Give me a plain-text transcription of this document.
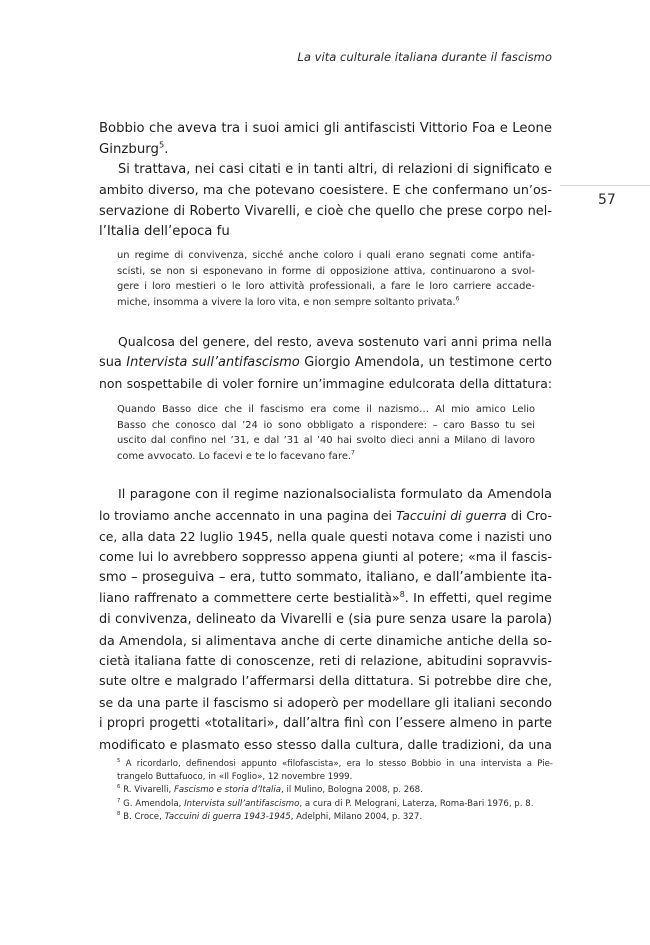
La vita culturale italiana durante il fascismo
57
Bobbio che aveva tra i suoi amici gli antifascisti Vittorio Foa e Leone
Ginzburg$^5$.
Si trattava, nei casi citati e in tanti altri, di relazioni di significato e
ambito diverso, ma che potevano coesistere. E che confermano un’os-
servazione di Roberto Vivarelli, e cioè che quello che prese corpo nel-
l’Italia dell’epoca fu
un regime di convivenza, sicché anche coloro i quali erano segnati come antifa-
scisti, se non si esponevano in forme di opposizione attiva, continuarono a svol-
gere i loro mestieri o le loro attività professionali, a fare le loro carriere accade-
miche, insomma a vivere la loro vita, e non sempre soltanto privata.$^6$
Qualcosa del genere, del resto, aveva sostenuto vari anni prima nella
sua Intervista sull’antifascismo Giorgio Amendola, un testimone certo
non sospettabile di voler fornire un’immagine edulcorata della dittatura:
Quando Basso dice che il fascismo era come il nazismo… Al mio amico Lelio
Basso che conosco dal ’24 io sono obbligato a rispondere: – caro Basso tu sei
uscito dal confino nel ’31, e dal ’31 al ’40 hai svolto dieci anni a Milano di lavoro
come avvocato. Lo facevi e te lo facevano fare.$^7$
Il paragone con il regime nazionalsocialista formulato da Amendola
lo troviamo anche accennato in una pagina dei Taccuini di guerra di Cro-
ce, alla data 22 luglio 1945, nella quale questi notava come i nazisti uno
come lui lo avrebbero soppresso appena giunti al potere; «ma il fascis-
smo – proseguiva – era, tutto sommato, italiano, e dall’ambiente ita-
liano raffrenato a commettere certe bestialità»$^8$. In effetti, quel regime
di convivenza, delineato da Vivarelli e (sia pure senza usare la parola)
da Amendola, si alimentava anche di certe dinamiche antiche della so-
cietà italiana fatte di conoscenze, reti di relazione, abitudini sopravvis-
sute oltre e malgrado l’affermarsi della dittatura. Si potrebbe dire che,
se da una parte il fascismo si adoperò per modellare gli italiani secondo
i propri progetti «totalitari», dall’altra finì con l’essere almeno in parte
modificato e plasmato esso stesso dalla cultura, dalle tradizioni, da una
$^5$ A ricordarlo, definendosi appunto «filofascista», era lo stesso Bobbio in una intervista a Pie-
trangelo Buttafuoco, in «Il Foglio», 12 novembre 1999.
$^6$ R. Vivarelli, Fascismo e storia d’Italia, il Mulino, Bologna 2008, p. 268.
$^7$ G. Amendola, Intervista sull’antifascismo, a cura di P. Melograni, Laterza, Roma-Bari 1976, p. 8.
$^8$ B. Croce, Taccuini di guerra 1943-1945, Adelphi, Milano 2004, p. 327.
